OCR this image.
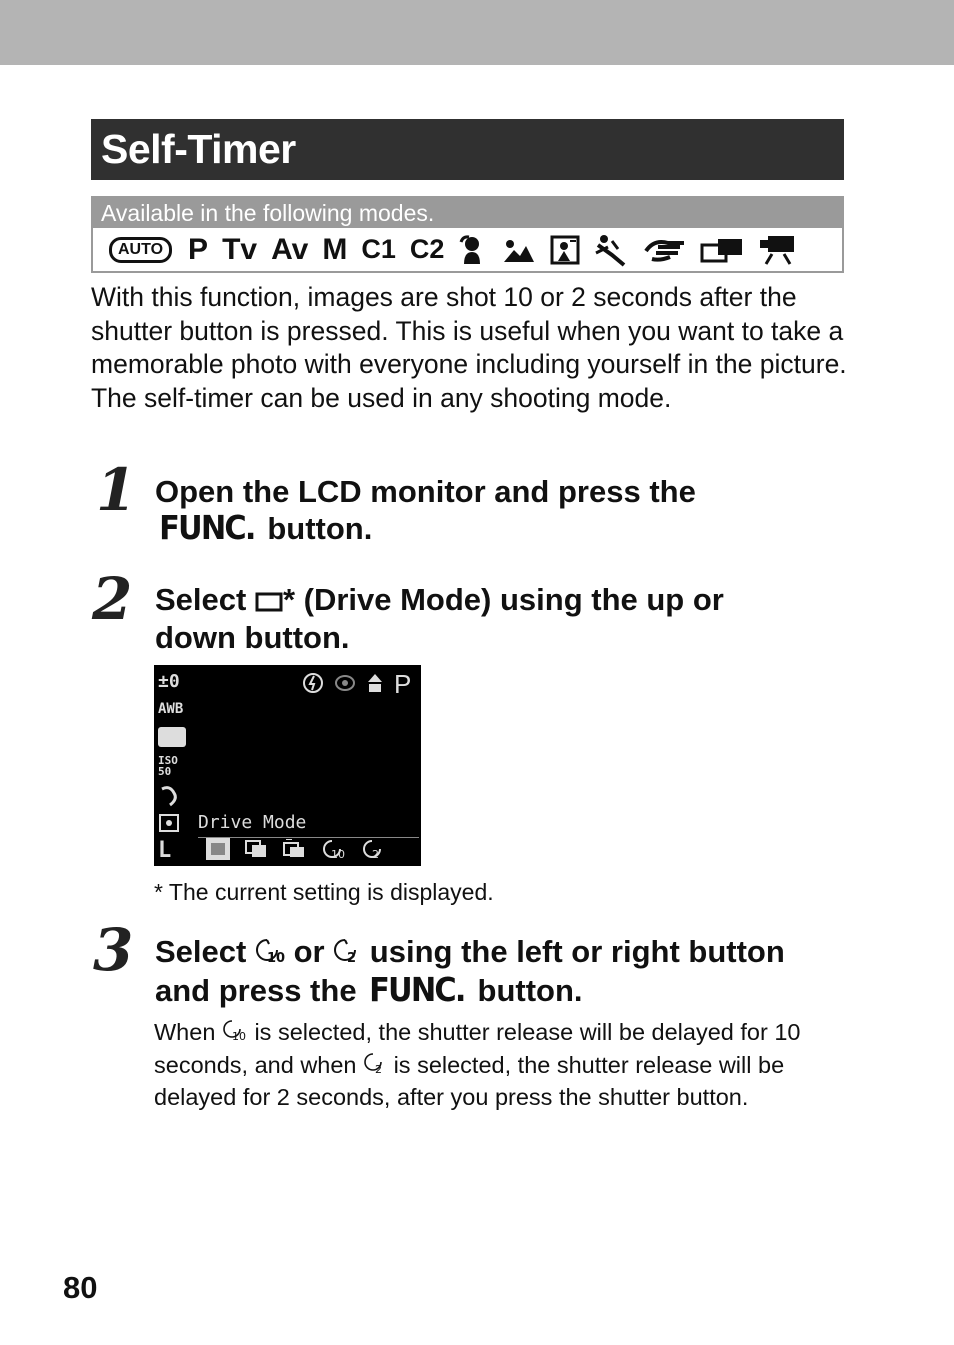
Self-Timer
Available in the following modes.
AUTO P Tv Av M C1 C2
With this function, images are shot 10 or 2 seconds after the shutter button is pressed. This is useful when you want to take a memorable photo with everyone including yourself in the picture. The self-timer can be used in any shooting mode.
1 Open the LCD monitor and press the
FUNC. button.
2 Select * (Drive Mode) using the up or
down button.
±0
AWB
ISO 50
L
P
Drive Mode
10 2
* The current setting is displayed.
3 Select 10 or 2 using the left or right button
and press the FUNC. button.
When 10 is selected, the shutter release will be delayed for 10 seconds, and when 2 is selected, the shutter release will be delayed for 2 seconds, after you press the shutter button.
80
